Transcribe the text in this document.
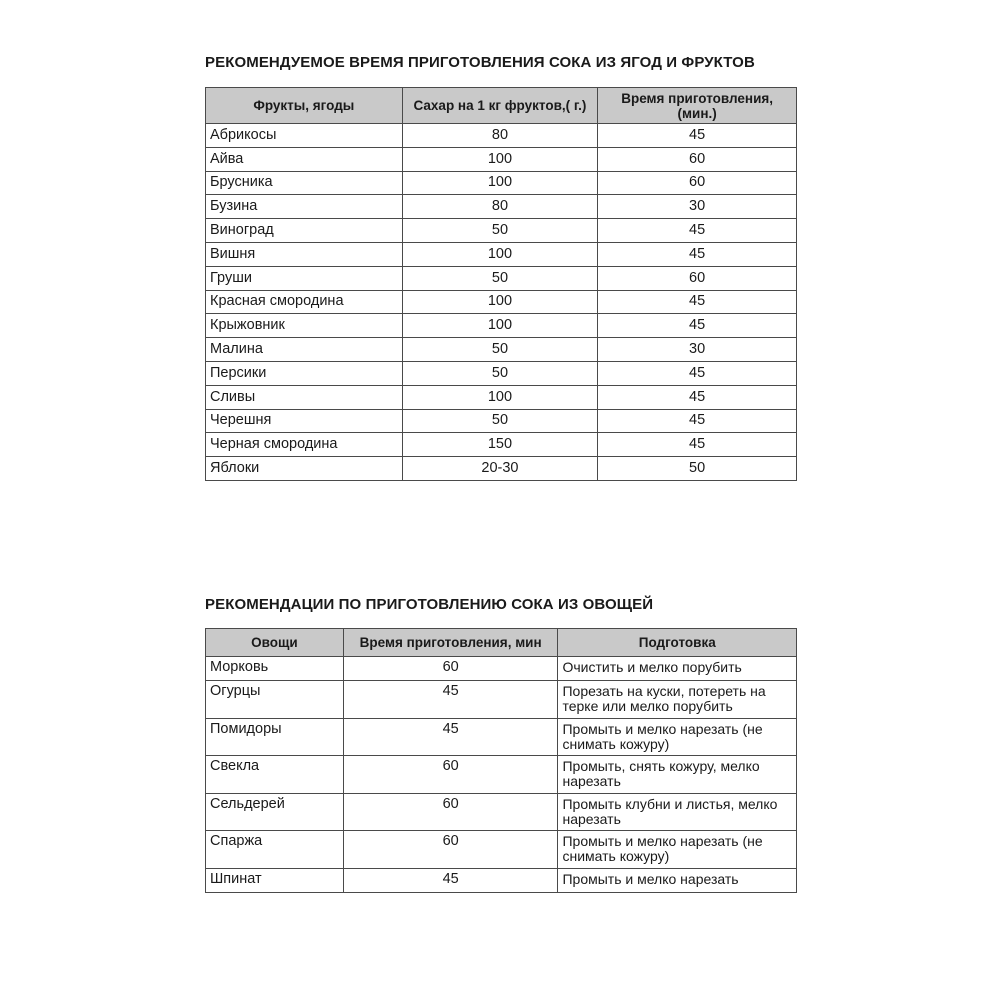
РЕКОМЕНДУЕМОЕ ВРЕМЯ ПРИГОТОВЛЕНИЯ СОКА ИЗ ЯГОД И ФРУКТОВ
Фрукты, ягоды	Сахар на 1 кг фруктов,( г.)	Время приготовления, (мин.)
Абрикосы	80	45
Айва	100	60
Брусника	100	60
Бузина	80	30
Виноград	50	45
Вишня	100	45
Груши	50	60
Красная смородина	100	45
Крыжовник	100	45
Малина	50	30
Персики	50	45
Сливы	100	45
Черешня	50	45
Черная смородина	150	45
Яблоки	20-30	50
РЕКОМЕНДАЦИИ ПО ПРИГОТОВЛЕНИЮ СОКА ИЗ ОВОЩЕЙ
Овощи	Время приготовления, мин	Подготовка
Морковь	60	Очистить и мелко порубить
Огурцы	45	Порезать на куски, потереть на терке или мелко порубить
Помидоры	45	Промыть и мелко нарезать (не снимать кожуру)
Свекла	60	Промыть, снять кожуру, мелко нарезать
Сельдерей	60	Промыть клубни и листья, мелко нарезать
Спаржа	60	Промыть и мелко нарезать (не снимать кожуру)
Шпинат	45	Промыть и мелко нарезать
